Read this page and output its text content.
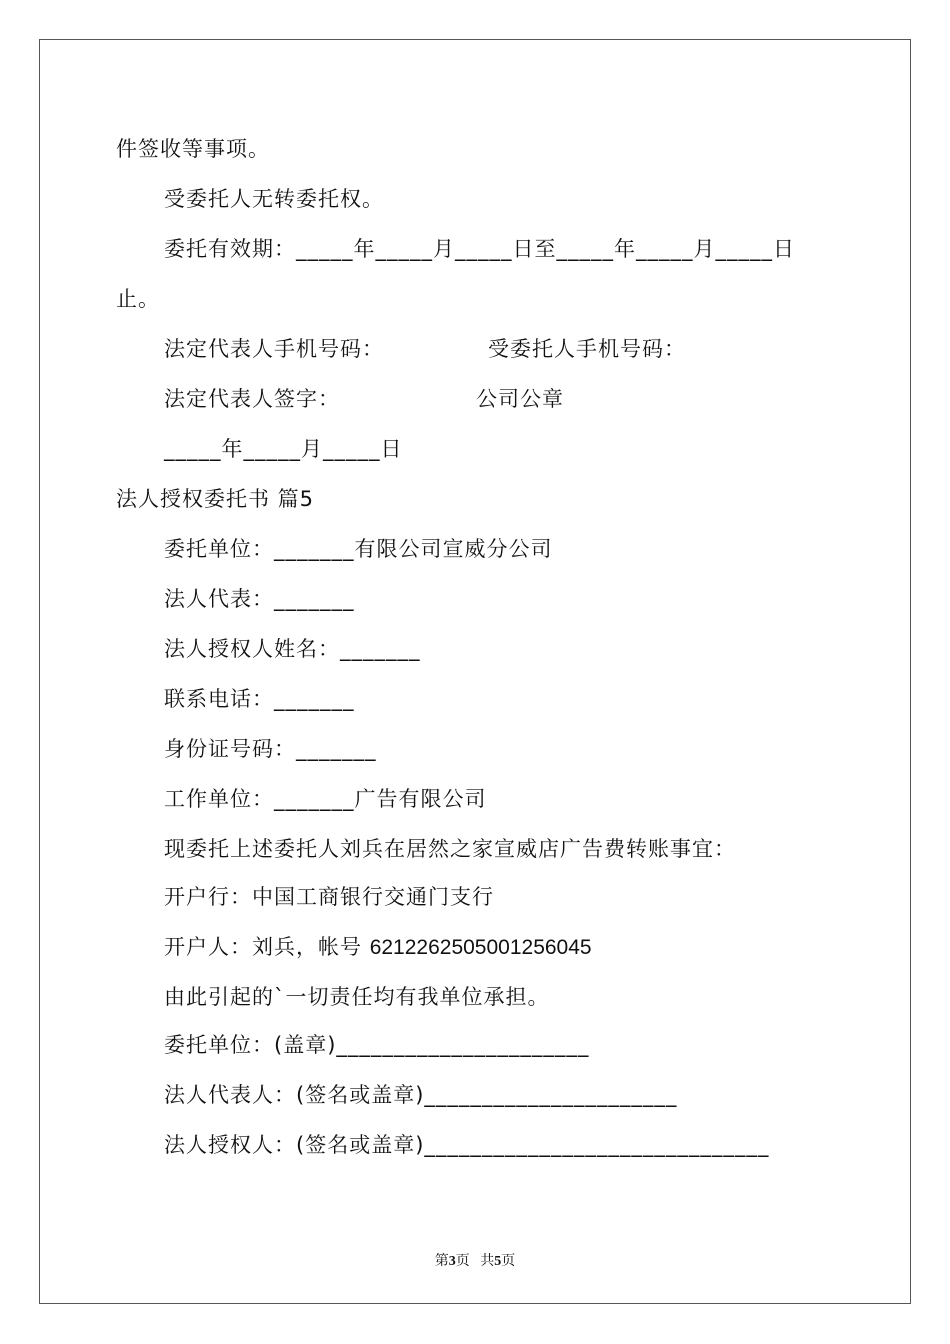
件签收等事项。
受委托人无转委托权。
委托有效期：_____年_____月_____日至_____年_____月_____日
止。
法定代表人手机号码：	受委托人手机号码：
法定代表人签字：	公司公章
_____年_____月_____日
法人授权委托书 篇5
委托单位：_______有限公司宣威分公司
法人代表：_______
法人授权人姓名：_______
联系电话：_______
身份证号码：_______
工作单位：_______广告有限公司
现委托上述委托人刘兵在居然之家宣威店广告费转账事宜：
开户行：中国工商银行交通门支行
开户人：刘兵，帐号 6212262505001256045
由此引起的`一切责任均有我单位承担。
委托单位：(盖章)______________________
法人代表人：(签名或盖章)______________________
法人授权人：(签名或盖章)______________________________
第3页 共5页
